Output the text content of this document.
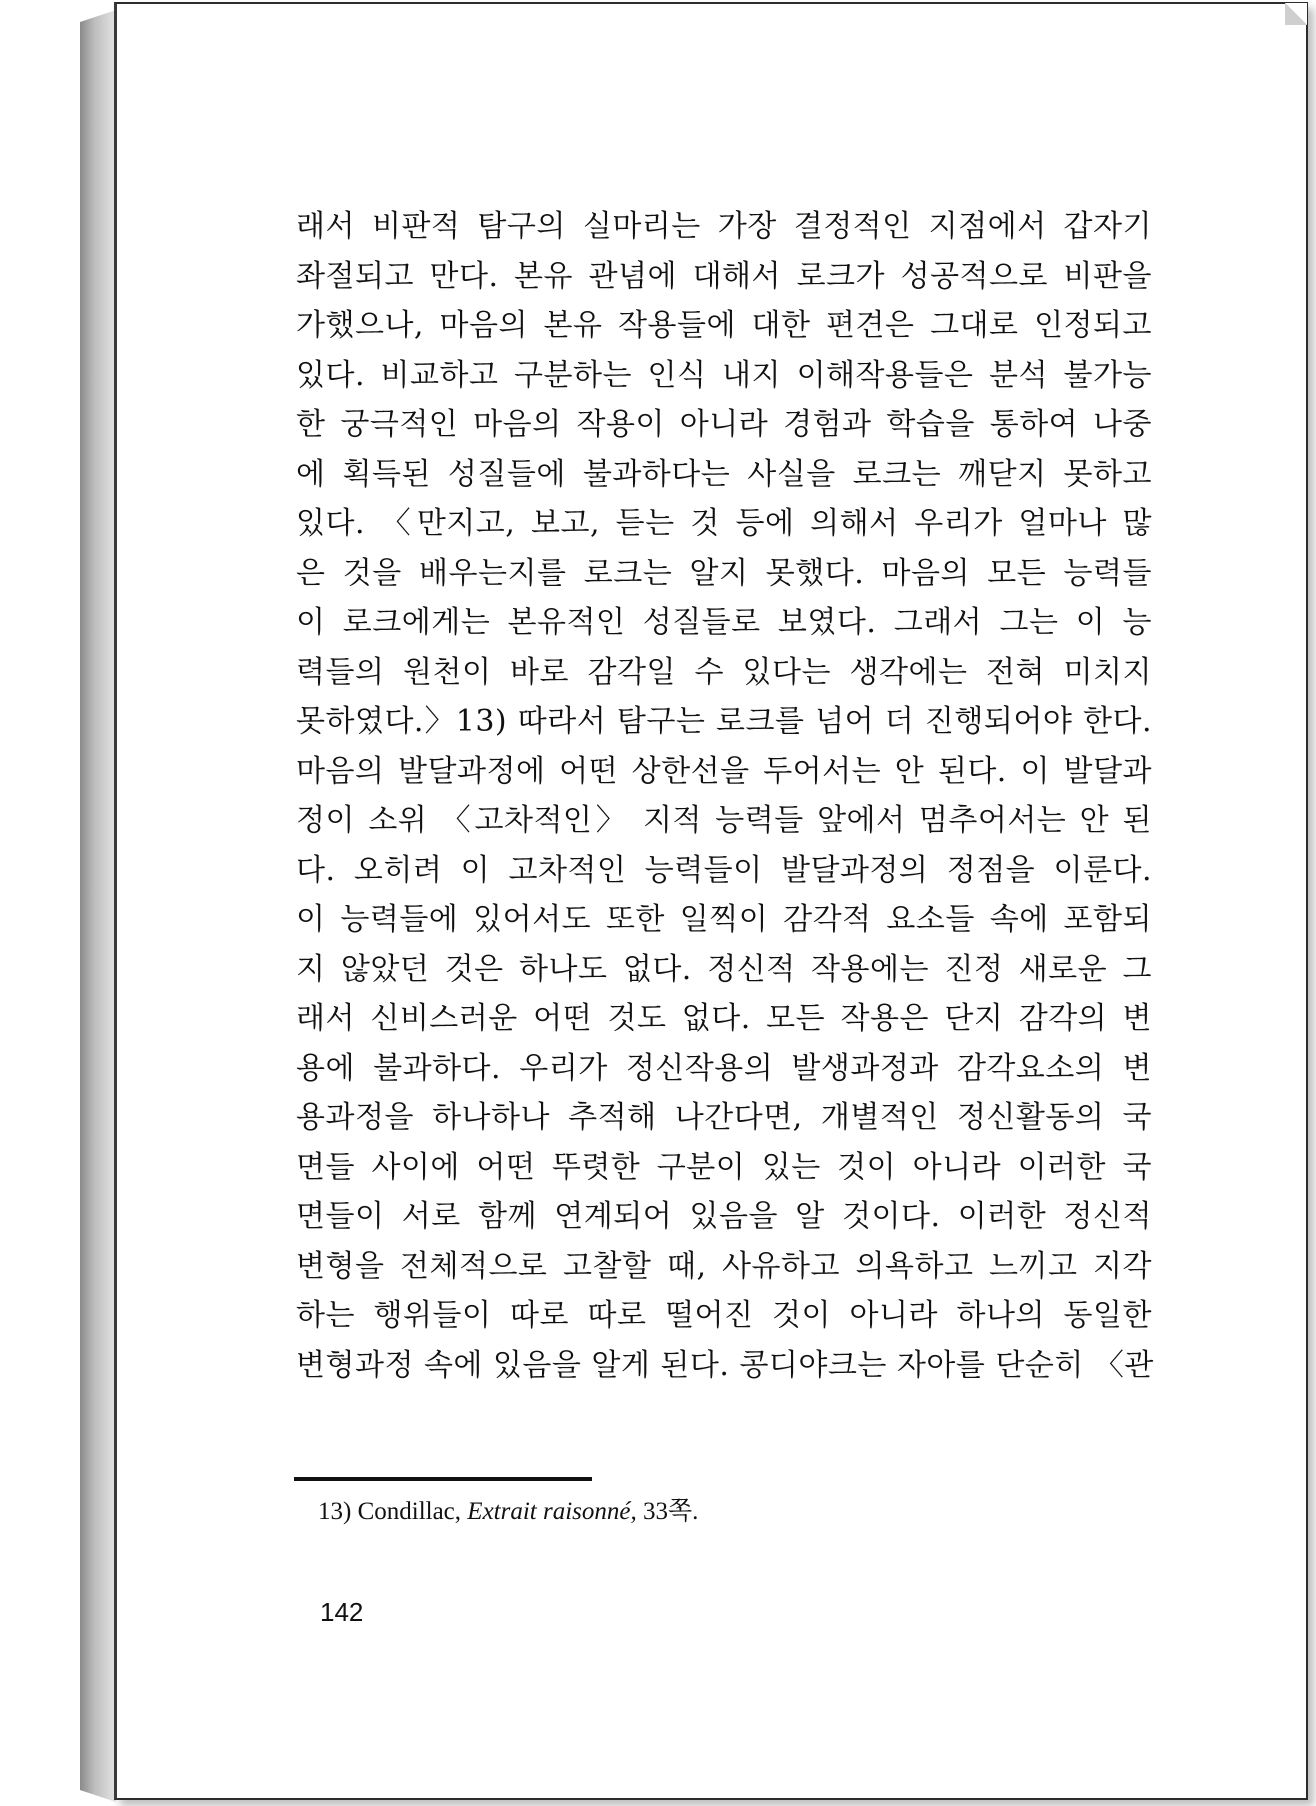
래서 비판적 탐구의 실마리는 가장 결정적인 지점에서 갑자기
좌절되고 만다. 본유 관념에 대해서 로크가 성공적으로 비판을
가했으나, 마음의 본유 작용들에 대한 편견은 그대로 인정되고
있다. 비교하고 구분하는 인식 내지 이해작용들은 분석 불가능
한 궁극적인 마음의 작용이 아니라 경험과 학습을 통하여 나중
에 획득된 성질들에 불과하다는 사실을 로크는 깨닫지 못하고
있다. 〈만지고, 보고, 듣는 것 등에 의해서 우리가 얼마나 많
은 것을 배우는지를 로크는 알지 못했다. 마음의 모든 능력들
이 로크에게는 본유적인 성질들로 보였다. 그래서 그는 이 능
력들의 원천이 바로 감각일 수 있다는 생각에는 전혀 미치지
못하였다.〉13) 따라서 탐구는 로크를 넘어 더 진행되어야 한다.
마음의 발달과정에 어떤 상한선을 두어서는 안 된다. 이 발달과
정이 소위 〈고차적인〉 지적 능력들 앞에서 멈추어서는 안 된
다. 오히려 이 고차적인 능력들이 발달과정의 정점을 이룬다.
이 능력들에 있어서도 또한 일찍이 감각적 요소들 속에 포함되
지 않았던 것은 하나도 없다. 정신적 작용에는 진정 새로운 그
래서 신비스러운 어떤 것도 없다. 모든 작용은 단지 감각의 변
용에 불과하다. 우리가 정신작용의 발생과정과 감각요소의 변
용과정을 하나하나 추적해 나간다면, 개별적인 정신활동의 국
면들 사이에 어떤 뚜렷한 구분이 있는 것이 아니라 이러한 국
면들이 서로 함께 연계되어 있음을 알 것이다. 이러한 정신적
변형을 전체적으로 고찰할 때, 사유하고 의욕하고 느끼고 지각
하는 행위들이 따로 따로 떨어진 것이 아니라 하나의 동일한
변형과정 속에 있음을 알게 된다. 콩디야크는 자아를 단순히 〈관
13) Condillac, Extrait raisonné, 33쪽.
142
